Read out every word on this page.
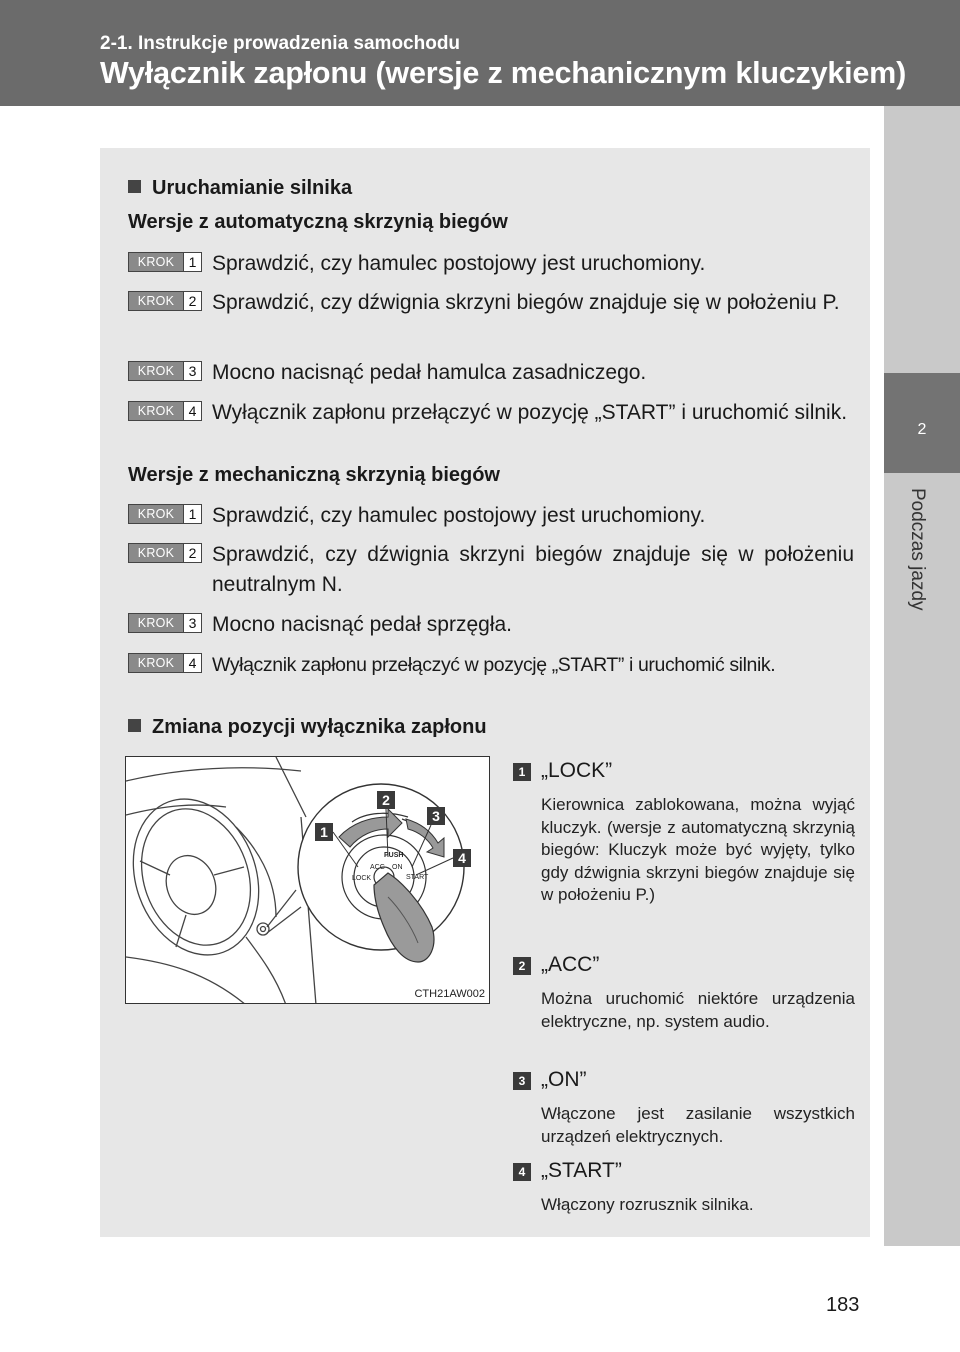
2-1. Instrukcje prowadzenia samochodu
Wyłącznik zapłonu (wersje z mechanicznym kluczykiem)
2
Podczas jazdy
Uruchamianie silnika
Wersje z automatyczną skrzynią biegów
KROK	1 Sprawdzić, czy hamulec postojowy jest uruchomiony.
KROK	2 Sprawdzić, czy dźwignia skrzyni biegów znajduje się w położeniu P.
KROK	3 Mocno nacisnąć pedał hamulca zasadniczego.
KROK	4 Wyłącznik zapłonu przełączyć w pozycję „START” i uruchomić silnik.
Wersje z mechaniczną skrzynią biegów
KROK	1 Sprawdzić, czy hamulec postojowy jest uruchomiony.
KROK	2 Sprawdzić, czy dźwignia skrzyni biegów znajduje się w położeniu neutralnym N.
KROK	3 Mocno nacisnąć pedał sprzęgła.
KROK	4 Wyłącznik zapłonu przełączyć w pozycję „START” i uruchomić silnik.
Zmiana pozycji wyłącznika zapłonu
PUSH
LOCK
ACC ON
START
1
2
3
4
CTH21AW002
1 „LOCK”
Kierownica zablokowana, można wyjąć kluczyk. (wersje z automatyczną skrzynią biegów: Kluczyk może być wyjęty, tylko gdy dźwignia skrzyni biegów znajduje się w położeniu P.)
2 „ACC”
Można uruchomić niektóre urządzenia elektryczne, np. system audio.
3 „ON”
Włączone jest zasilanie wszystkich urządzeń elektrycznych.
4 „START”
Włączony rozrusznik silnika.
183
